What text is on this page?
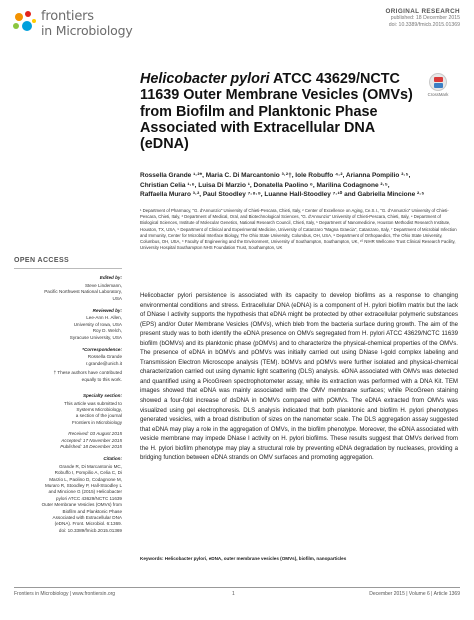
frontiers
in Microbiology
ORIGINAL RESEARCH
published: 18 December 2015
doi: 10.3389/fmicb.2015.01369
CrossMark
Helicobacter pylori ATCC 43629/NCTC 11639 Outer Membrane Vesicles (OMVs) from Biofilm and Planktonic Phase Associated with Extracellular DNA (eDNA)
Rossella Grande ¹·²*, Maria C. Di Marcantonio ³·²†, Iole Robuffo ⁴·², Arianna Pompilio ²·⁵,
Christian Celia ¹·⁶, Luisa Di Marzio ¹, Donatella Paolino ⁶, Marilina Codagnone ²·⁵,
Raffaella Muraro ³·², Paul Stoodley ⁷·⁸·⁹, Luanne Hall-Stoodley ⁷·¹⁰ and Gabriella Mincione ²·⁵
¹ Department of Pharmacy, "G. d'Annunzio" University of Chieti-Pescara, Chieti, Italy, ² Center of Excellence on Aging, Ce.S.I., "G. d'Annunzio" University of Chieti-Pescara, Chieti, Italy, ³ Department of Medical, Oral, and Biotechnological Sciences, "G. d'Annunzio" University of Chieti-Pescara, Chieti, Italy, ⁴ Department of Biological Sciences, Institute of Molecular Genetics, National Research Council, Chieti, Italy, ⁵ Department of Nanomedicine, Houston Methodist Research Institute, Houston, TX, USA, ⁶ Department of Clinical and Experimental Medicine, University of Catanzaro "Magna Graecia", Catanzaro, Italy, ⁷ Department of Microbial Infection and Immunity, Center for Microbial Interface Biology, The Ohio State University, Columbus, OH, USA, ⁸ Department of Orthopaedics, The Ohio State University, Columbus, OH, USA, ⁹ Faculty of Engineering and the Environment, University of Southampton, Southampton, UK, ¹⁰ NIHR Wellcome Trust Clinical Research Facility, University Hospital Southampton NHS Foundation Trust, Southampton, UK
OPEN ACCESS
Edited by:
Steve Lindemann,
Pacific Northwest National Laboratory,
USA
Reviewed by:
Lee-Ann H. Allen,
University of Iowa, USA
Roy D. Welch,
Syracuse University, USA
*Correspondence:
Rossella Grande
r.grande@unich.it
† These authors have contributed
equally to this work.
Specialty section:
This article was submitted to
Systems Microbiology,
a section of the journal
Frontiers in Microbiology
Received: 03 August 2015
Accepted: 17 November 2015
Published: 18 December 2015
Citation:
Grande R, Di Marcantonio MC,
Robuffo I, Pompilio A, Celia C, Di
Marzio L, Paolino D, Codagnone M,
Muraro R, Stoodley P, Hall-Stoodley L
and Mincione G (2015) Helicobacter
pylori ATCC 43629/NCTC 11639
Outer Membrane Vesicles (OMVs) from
Biofilm and Planktonic Phase
Associated with Extracellular DNA
(eDNA). Front. Microbiol. 6:1369.
doi: 10.3389/fmicb.2015.01369
Helicobacter pylori persistence is associated with its capacity to develop biofilms as a response to changing environmental conditions and stress. Extracellular DNA (eDNA) is a component of H. pylori biofilm matrix but the lack of DNase I activity supports the hypothesis that eDNA might be protected by other extracellular polymeric substances (EPS) and/or Outer Membrane Vesicles (OMVs), which bleb from the bacteria surface during growth. The aim of the present study was to both identify the eDNA presence on OMVs segregated from H. pylori ATCC 43629/NCTC 11639 biofilm (bOMVs) and its planktonic phase (pOMVs) and to characterize the physical-chemical properties of the OMVs. The presence of eDNA in bOMVs and pOMVs was initially carried out using DNase I-gold complex labeling and Transmission Electron Microscope analysis (TEM). bOMVs and pOMVs were further isolated and physical-chemical characterization carried out using dynamic light scattering (DLS) analysis. eDNA associated with OMVs was detected and quantified using a PicoGreen spectrophotometer assay, while its extraction was performed with a DNA Kit. TEM images showed that eDNA was mainly associated with the OMV membrane surfaces; while PicoGreen staining showed a four-fold increase of dsDNA in bOMVs compared with pOMVs. The eDNA extracted from OMVs was visualized using gel electrophoresis. DLS analysis indicated that both planktonic and biofilm H. pylori phenotypes generated vesicles, with a broad distribution of sizes on the nanometer scale. The DLS aggregation assay suggested that eDNA may play a role in the aggregation of OMVs, in the biofilm phenotype. Moreover, the eDNA associated with vesicle membrane may impede DNase I activity on H. pylori biofilms. These results suggest that OMVs derived from the H. pylori biofilm phenotype may play a structural role by preventing eDNA degradation by nucleases, providing a bridging function between eDNA strands on OMV surfaces and promoting aggregation.
Keywords: Helicobacter pylori, eDNA, outer membrane vesicles (OMVs), biofilm, nanoparticles
Frontiers in Microbiology | www.frontiersin.org	1	December 2015 | Volume 6 | Article 1369
